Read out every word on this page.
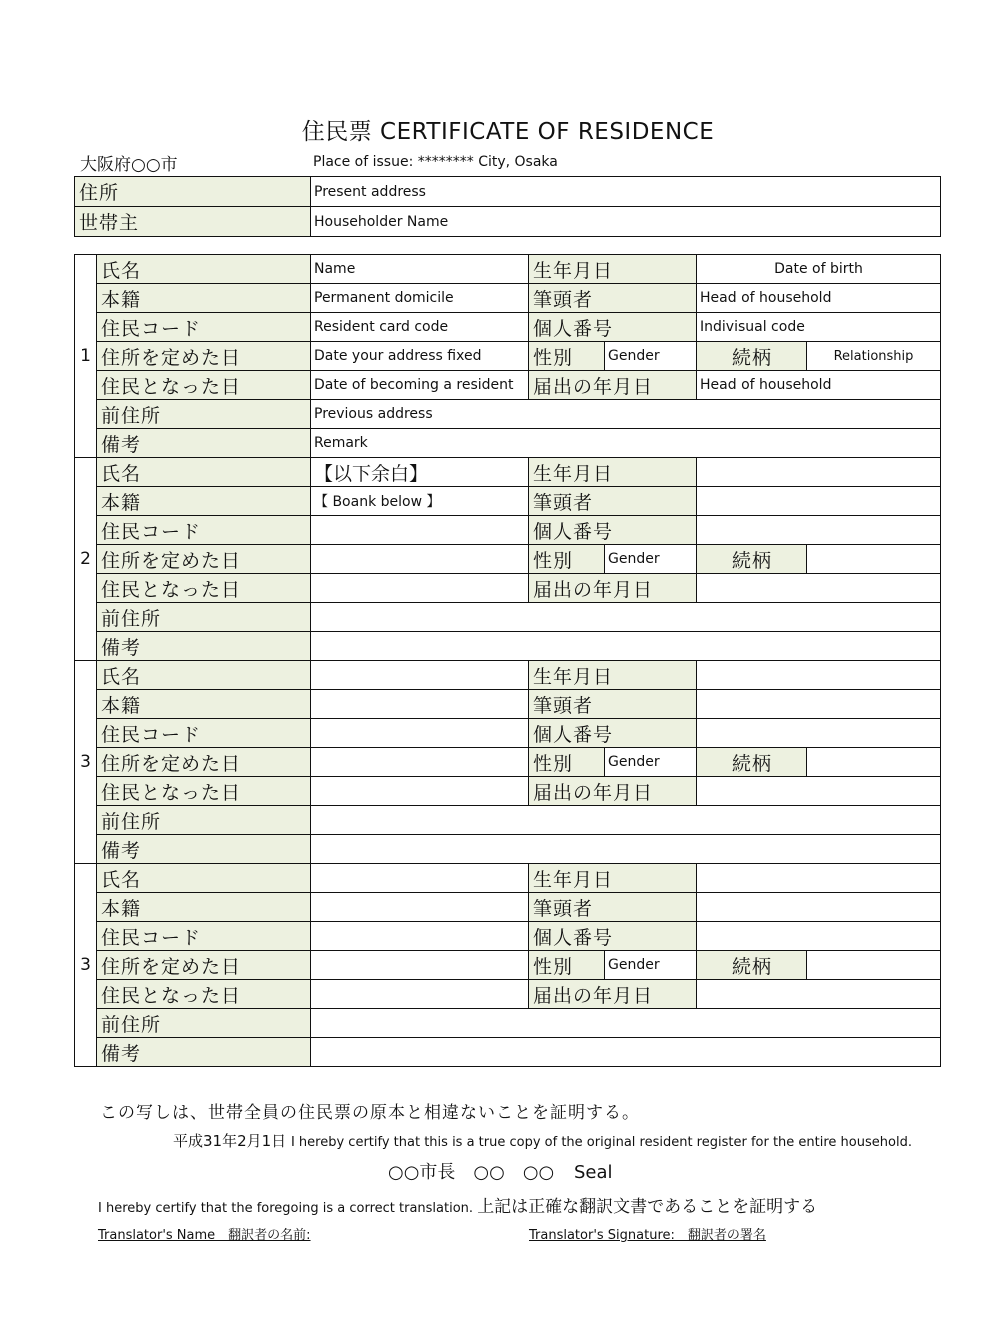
住民票 CERTIFICATE OF RESIDENCE
大阪府○○市	Place of issue: ******** City, Osaka
住所	Present address
世帯主	Householder Name
1	氏名	Name	生年月日		Date of birth	
	本籍	Permanent domicile	筆頭者		Head of household	
	住民コード	Resident card code	個人番号		Indivisual code	
	住所を定めた日	Date your address fixed	性別	Gender	続柄	Relationship
	住民となった日	Date of becoming a resident	届出の年月日		Head of household	
	前住所	Previous address				
	備考	Remark				
2	氏名	【以下余白】	生年月日			
	本籍	【 Boank below 】	筆頭者			
	住民コード		個人番号			
	住所を定めた日		性別	Gender	続柄	
	住民となった日		届出の年月日			
	前住所					
	備考					
3	氏名		生年月日			
	本籍		筆頭者			
	住民コード		個人番号			
	住所を定めた日		性別	Gender	続柄	
	住民となった日		届出の年月日			
	前住所					
	備考					
3	氏名		生年月日			
	本籍		筆頭者			
	住民コード		個人番号			
	住所を定めた日		性別	Gender	続柄	
	住民となった日		届出の年月日			
	前住所					
	備考					
この写しは、世帯全員の住民票の原本と相違ないことを証明する。
平成31年2月1日 I hereby certify that this is a true copy of the original resident register for the entire household.
○○市長　○○　○○ Seal
I hereby certify that the foregoing is a correct translation. 上記は正確な翻訳文書であることを証明する
Translator's Name　翻訳者の名前:	Translator's Signature:　翻訳者の署名
